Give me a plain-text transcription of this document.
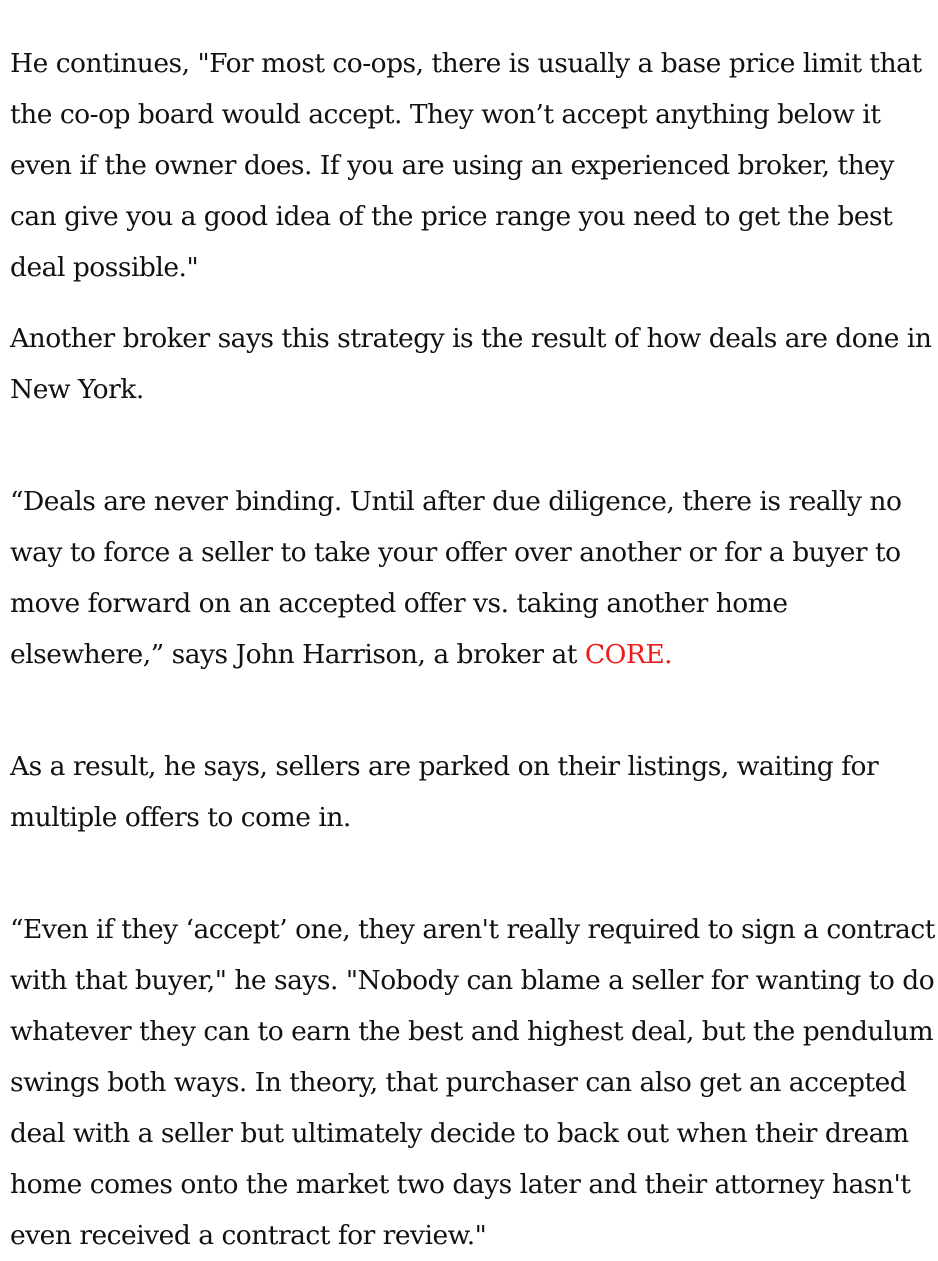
He continues, "For most co-ops, there is usually a base price limit that the co-op board would accept. They won’t accept anything below it even if the owner does. If you are using an experienced broker, they can give you a good idea of the price range you need to get the best deal possible."

Another broker says this strategy is the result of how deals are done in New York.

“Deals are never binding. Until after due diligence, there is really no way to force a seller to take your offer over another or for a buyer to move forward on an accepted offer vs. taking another home elsewhere,” says John Harrison, a broker at CORE.

As a result, he says, sellers are parked on their listings, waiting for multiple offers to come in.

“Even if they ‘accept’ one, they aren't really required to sign a contract with that buyer," he says. "Nobody can blame a seller for wanting to do whatever they can to earn the best and highest deal, but the pendulum swings both ways. In theory, that purchaser can also get an accepted deal with a seller but ultimately decide to back out when their dream home comes onto the market two days later and their attorney hasn't even received a contract for review."
